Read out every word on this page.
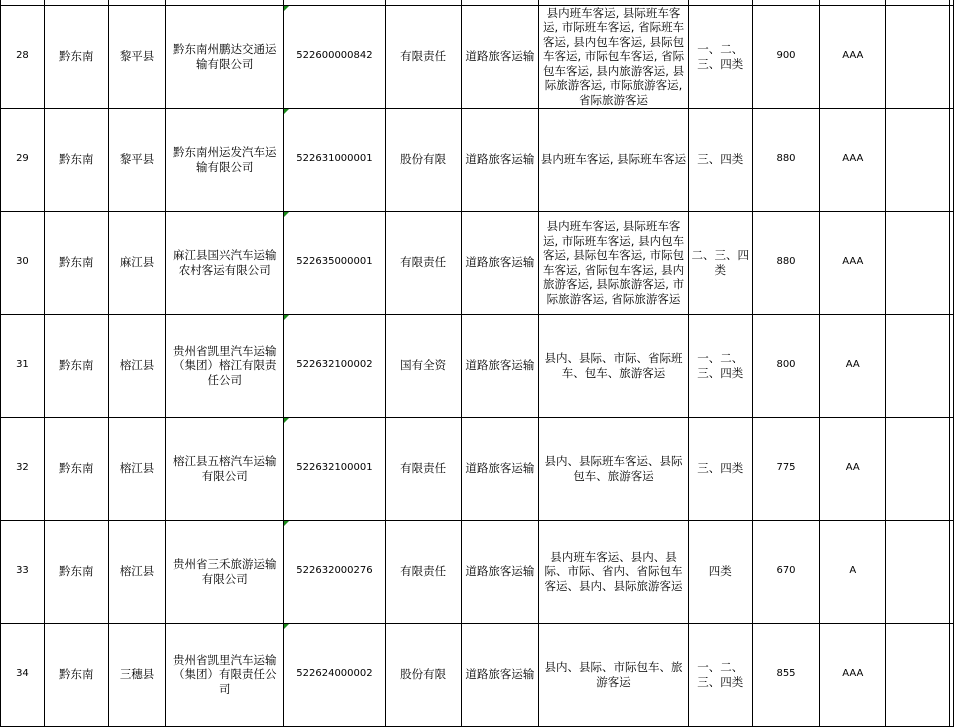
28	黔东南	黎平县	黔东南州鹏达交通运输有限公司	522600000842	有限责任	道路旅客运输	县内班车客运, 县际班车客运, 市际班车客运, 省际班车客运, 县内包车客运, 县际包车客运, 市际包车客运, 省际包车客运, 县内旅游客运, 县际旅游客运, 市际旅游客运, 省际旅游客运	一、二、三、四类	900	AAA		
29	黔东南	黎平县	黔东南州运发汽车运输有限公司	522631000001	股份有限	道路旅客运输	县内班车客运, 县际班车客运	三、四类	880	AAA		
30	黔东南	麻江县	麻江县国兴汽车运输农村客运有限公司	522635000001	有限责任	道路旅客运输	县内班车客运, 县际班车客运, 市际班车客运, 县内包车客运, 县际包车客运, 市际包车客运, 省际包车客运, 县内旅游客运, 县际旅游客运, 市际旅游客运, 省际旅游客运	二、三、四类	880	AAA		
31	黔东南	榕江县	贵州省凯里汽车运输（集团）榕江有限责任公司	522632100002	国有全资	道路旅客运输	县内、县际、市际、省际班车、包车、旅游客运	一、二、三、四类	800	AA		
32	黔东南	榕江县	榕江县五榕汽车运输有限公司	522632100001	有限责任	道路旅客运输	县内、县际班车客运、县际包车、旅游客运	三、四类	775	AA		
33	黔东南	榕江县	贵州省三禾旅游运输有限公司	522632000276	有限责任	道路旅客运输	县内班车客运、县内、县际、市际、省内、省际包车客运、县内、县际旅游客运	四类	670	A		
34	黔东南	三穗县	贵州省凯里汽车运输（集团）有限责任公司	522624000002	股份有限	道路旅客运输	县内、县际、市际包车、旅游客运	一、二、三、四类	855	AAA		
